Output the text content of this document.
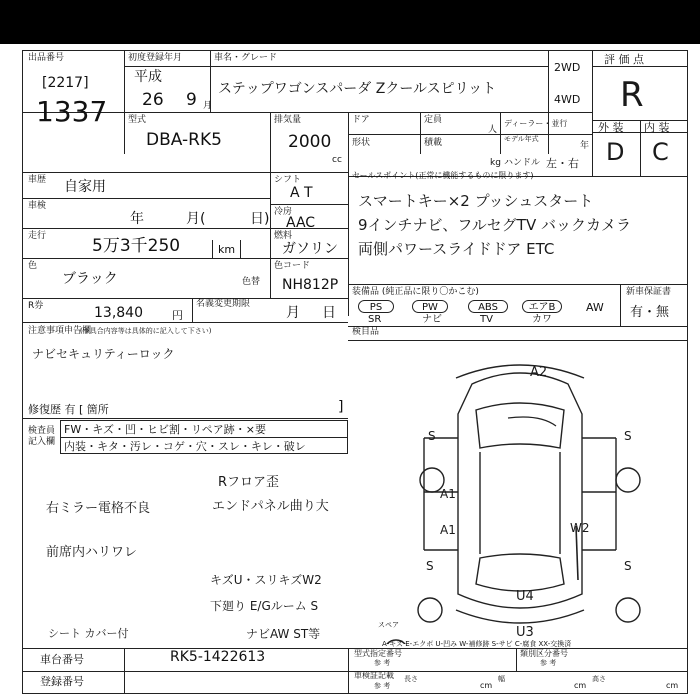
出品番号
[2217]
1337
初度登録年月
平成
26 9 月
車名・グレード
ステップワゴンスパーダ Zクールスピリット
2WD
4WD
評 価 点
R
型式
DBA-RK5
排気量
2000
cc
ドア	定員
人
ディーラー・並行
形状	積載	モデル年式
年
kg ハンドル 左・右
外 装 内 装
D C
車歴 自家用
車検
年	月(	日)
走行	5万3千250	km
シフト
A T
冷房
AAC
燃料
ガソリン
色
ブラック	色替
色コード
NH812P
R券	13,840	円
名義変更期限
月 日
セールスポイント(正常に機能するものに限ります)
スマートキー×2 プッシュスタート
9インチナビ、フルセグTV バックカメラ
両側パワースライドドア ETC
装備品 (純正品に限り〇かこむ)
PS	PW	ABS	エアB	AW
SR	ナビ	TV	カワ
新車保証書
有・無
注意事項申告欄
(不具合内容等は具体的に記入して下さい)
ナビセキュリティーロック
修復歴 有 [ 箇所	]
検査員記入欄
FW・キズ・凹・ヒビ割・リペア跡・×要
内装・キタ・汚レ・コゲ・穴・スレ・キレ・破レ
Rフロア歪
エンドパネル曲り大
右ミラー電格不良
前席内ハリワレ
キズU・スリキズW2
下廻り E/Gルーム S
シート カバー付	ナビAW ST等
検目品
A2
A1
A1	W2
U4
U3
S	S
S	S
スペア
A-キズ E-エクボ U-凹み W-補修跡 S-サビ C-腐食 XX-交換済
車台番号	RK5-1422613
登録番号
型式指定番号
参 考
類別区分番号
参 考
車検証記載
参 考
長さ
cm
幅
cm
高さ
cm
